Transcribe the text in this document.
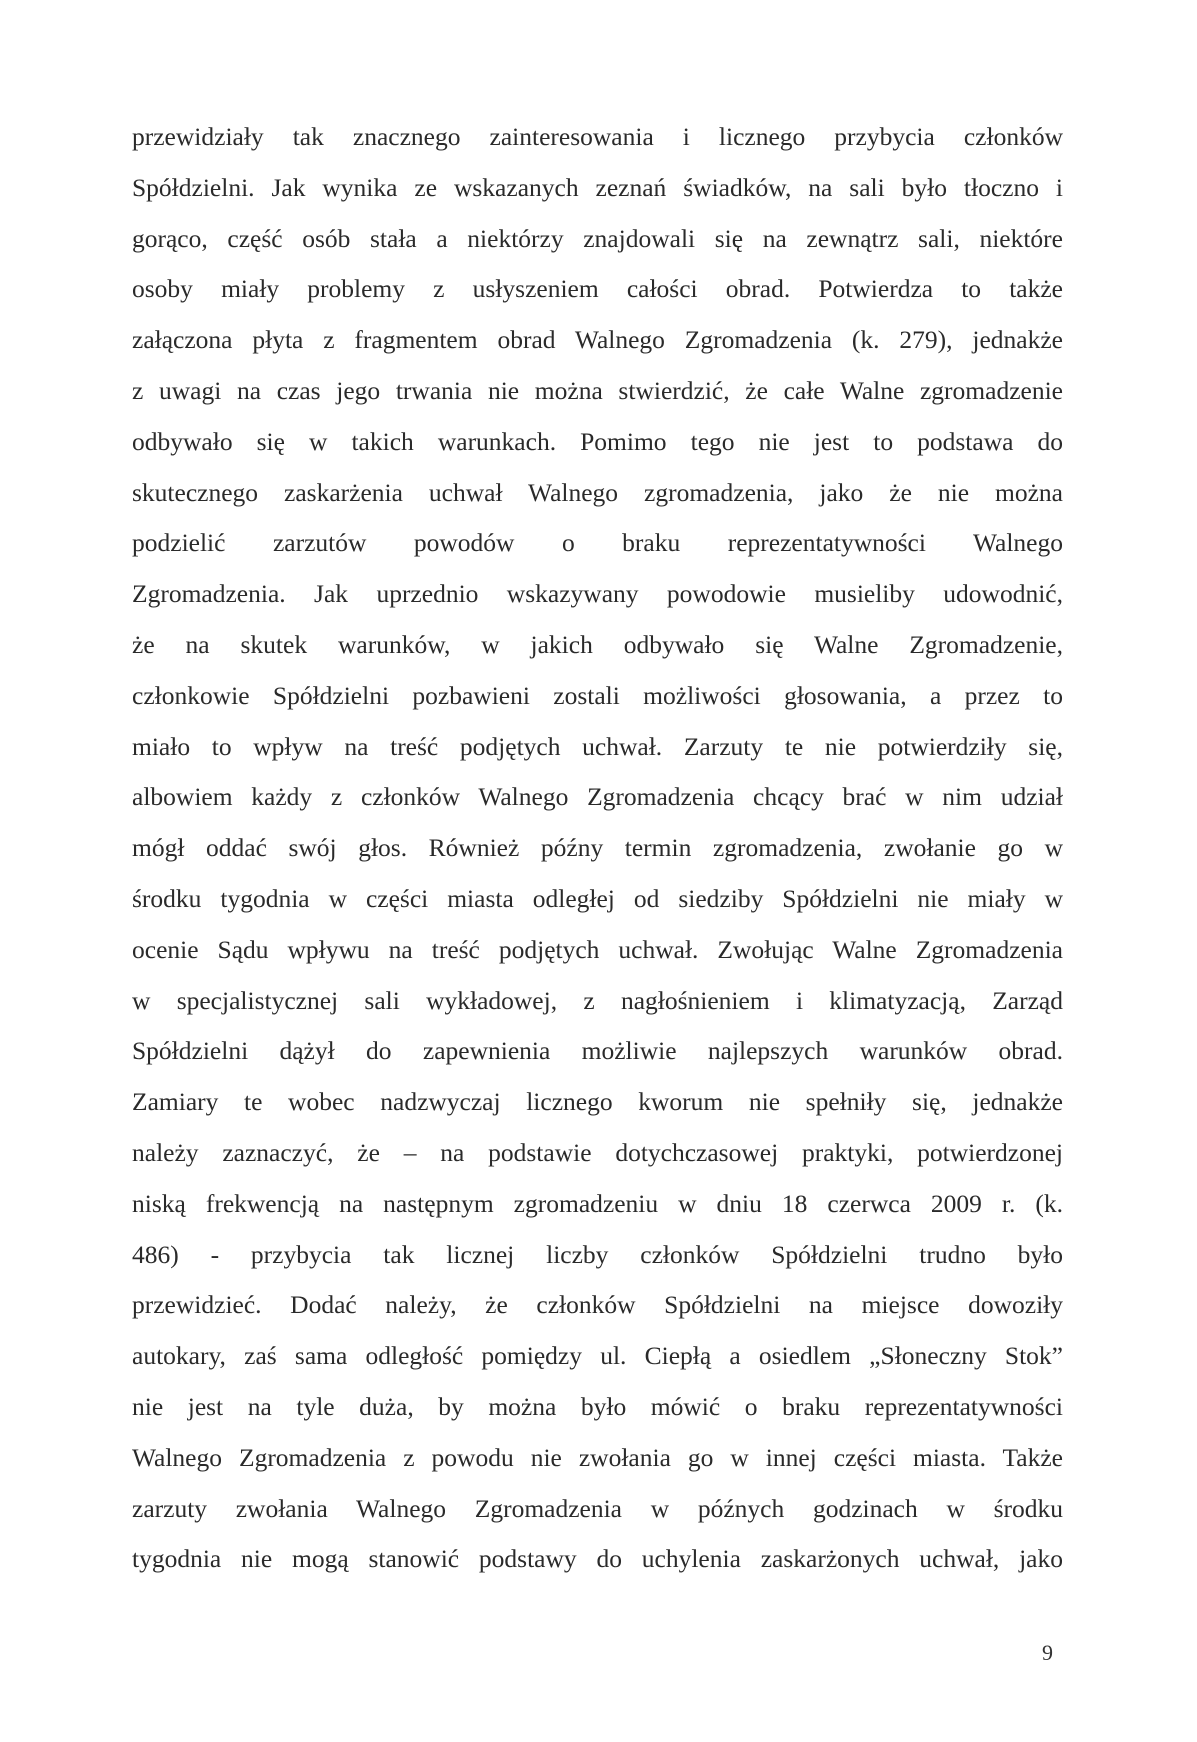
przewidziały tak znacznego zainteresowania i licznego przybycia członków
Spółdzielni. Jak wynika ze wskazanych zeznań świadków, na sali było tłoczno i
gorąco, część osób stała a niektórzy znajdowali się na zewnątrz sali, niektóre
osoby miały problemy z usłyszeniem całości obrad. Potwierdza to także
załączona płyta z fragmentem obrad Walnego Zgromadzenia (k. 279), jednakże
z uwagi na czas jego trwania nie można stwierdzić, że całe Walne zgromadzenie
odbywało się w takich warunkach. Pomimo tego nie jest to podstawa do
skutecznego zaskarżenia uchwał Walnego zgromadzenia, jako że nie można
podzielić zarzutów powodów o braku reprezentatywności Walnego
Zgromadzenia. Jak uprzednio wskazywany powodowie musieliby udowodnić,
że na skutek warunków, w jakich odbywało się Walne Zgromadzenie,
członkowie Spółdzielni pozbawieni zostali możliwości głosowania, a przez to
miało to wpływ na treść podjętych uchwał. Zarzuty te nie potwierdziły się,
albowiem każdy z członków Walnego Zgromadzenia chcący brać w nim udział
mógł oddać swój głos. Również późny termin zgromadzenia, zwołanie go w
środku tygodnia w części miasta odległej od siedziby Spółdzielni nie miały w
ocenie Sądu wpływu na treść podjętych uchwał. Zwołując Walne Zgromadzenia
w specjalistycznej sali wykładowej, z nagłośnieniem i klimatyzacją, Zarząd
Spółdzielni dążył do zapewnienia możliwie najlepszych warunków obrad.
Zamiary te wobec nadzwyczaj licznego kworum nie spełniły się, jednakże
należy zaznaczyć, że – na podstawie dotychczasowej praktyki, potwierdzonej
niską frekwencją na następnym zgromadzeniu w dniu 18 czerwca 2009 r. (k.
486) - przybycia tak licznej liczby członków Spółdzielni trudno było
przewidzieć. Dodać należy, że członków Spółdzielni na miejsce dowoziły
autokary, zaś sama odległość pomiędzy ul. Ciepłą a osiedlem „Słoneczny Stok”
nie jest na tyle duża, by można było mówić o braku reprezentatywności
Walnego Zgromadzenia z powodu nie zwołania go w innej części miasta. Także
zarzuty zwołania Walnego Zgromadzenia w późnych godzinach w środku
tygodnia nie mogą stanowić podstawy do uchylenia zaskarżonych uchwał, jako
9
